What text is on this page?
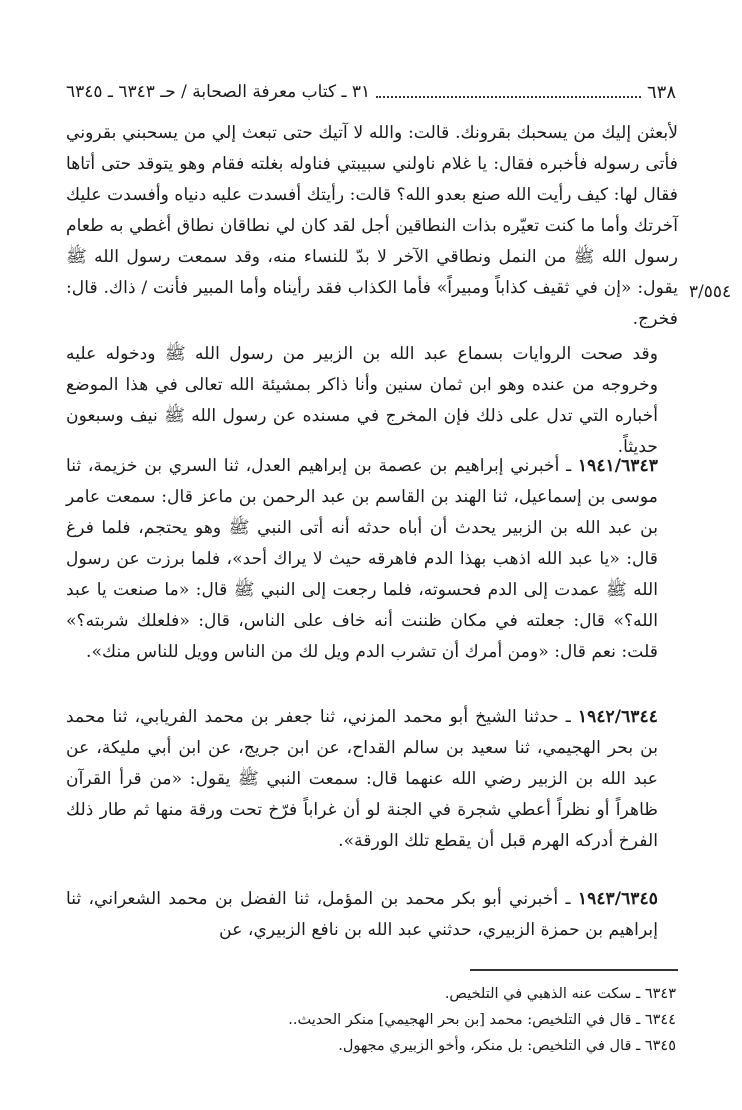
٦٣٨
٣١ ـ كتاب معرفة الصحابة / حـ ٦٣٤٣ ـ ٦٣٤٥
٣/٥٥٤

لأبعثن إليك من يسحبك بقرونك. قالت: والله لا آتيك حتى تبعث إلي من يسحبني بقروني فأتى رسوله فأخبره فقال: يا غلام ناولني سبيبتي فناوله بغلته فقام وهو يتوقد حتى أتاها فقال لها: كيف رأيت الله صنع بعدو الله؟ قالت: رأيتك أفسدت عليه دنياه وأفسدت عليك آخرتك وأما ما كنت تعيّره بذات النطاقين أجل لقد كان لي نطاقان نطاق أغطي به طعام رسول الله ﷺ من النمل ونطاقي الآخر لا بدّ للنساء منه، وقد سمعت رسول الله ﷺ يقول: «إن في ثقيف كذاباً ومبيراً» فأما الكذاب فقد رأيناه وأما المبير فأنت / ذاك. قال: فخرج.

وقد صحت الروايات بسماع عبد الله بن الزبير من رسول الله ﷺ ودخوله عليه وخروجه من عنده وهو ابن ثمان سنين وأنا ذاكر بمشيئة الله تعالى في هذا الموضع أخباره التي تدل على ذلك فإن المخرج في مسنده عن رسول الله ﷺ نيف وسبعون حديثاً.

١٩٤١/٦٣٤٣ ـ أخبرني إبراهيم بن عصمة بن إبراهيم العدل، ثنا السري بن خزيمة، ثنا موسى بن إسماعيل، ثنا الهند بن القاسم بن عبد الرحمن بن ماعز قال: سمعت عامر بن عبد الله بن الزبير يحدث أن أباه حدثه أنه أتى النبي ﷺ وهو يحتجم، فلما فرغ قال: «يا عبد الله اذهب بهذا الدم فاهرقه حيث لا يراك أحد»، فلما برزت عن رسول الله ﷺ عمدت إلى الدم فحسوته، فلما رجعت إلى النبي ﷺ قال: «ما صنعت يا عبد الله؟» قال: جعلته في مكان ظننت أنه خاف على الناس، قال: «فلعلك شربته؟» قلت: نعم قال: «ومن أمرك أن تشرب الدم ويل لك من الناس وويل للناس منك».

١٩٤٢/٦٣٤٤ ـ حدثنا الشيخ أبو محمد المزني، ثنا جعفر بن محمد الفريابي، ثنا محمد بن بحر الهجيمي، ثنا سعيد بن سالم القداح، عن ابن جريج، عن ابن أبي مليكة، عن عبد الله بن الزبير رضي الله عنهما قال: سمعت النبي ﷺ يقول: «من قرأ القرآن ظاهراً أو نظراً أعطي شجرة في الجنة لو أن غراباً فرّخ تحت ورقة منها ثم طار ذلك الفرخ أدركه الهرم قبل أن يقطع تلك الورقة».

١٩٤٣/٦٣٤٥ ـ أخبرني أبو بكر محمد بن المؤمل، ثنا الفضل بن محمد الشعراني، ثنا إبراهيم بن حمزة الزبيري، حدثني عبد الله بن نافع الزبيري، عن

٦٣٤٣ ـ سكت عنه الذهبي في التلخيص.
٦٣٤٤ ـ قال في التلخيص: محمد [بن بحر الهجيمي] منكر الحديث..
٦٣٤٥ ـ قال في التلخيص: بل منكر، وأخو الزبيري مجهول.
